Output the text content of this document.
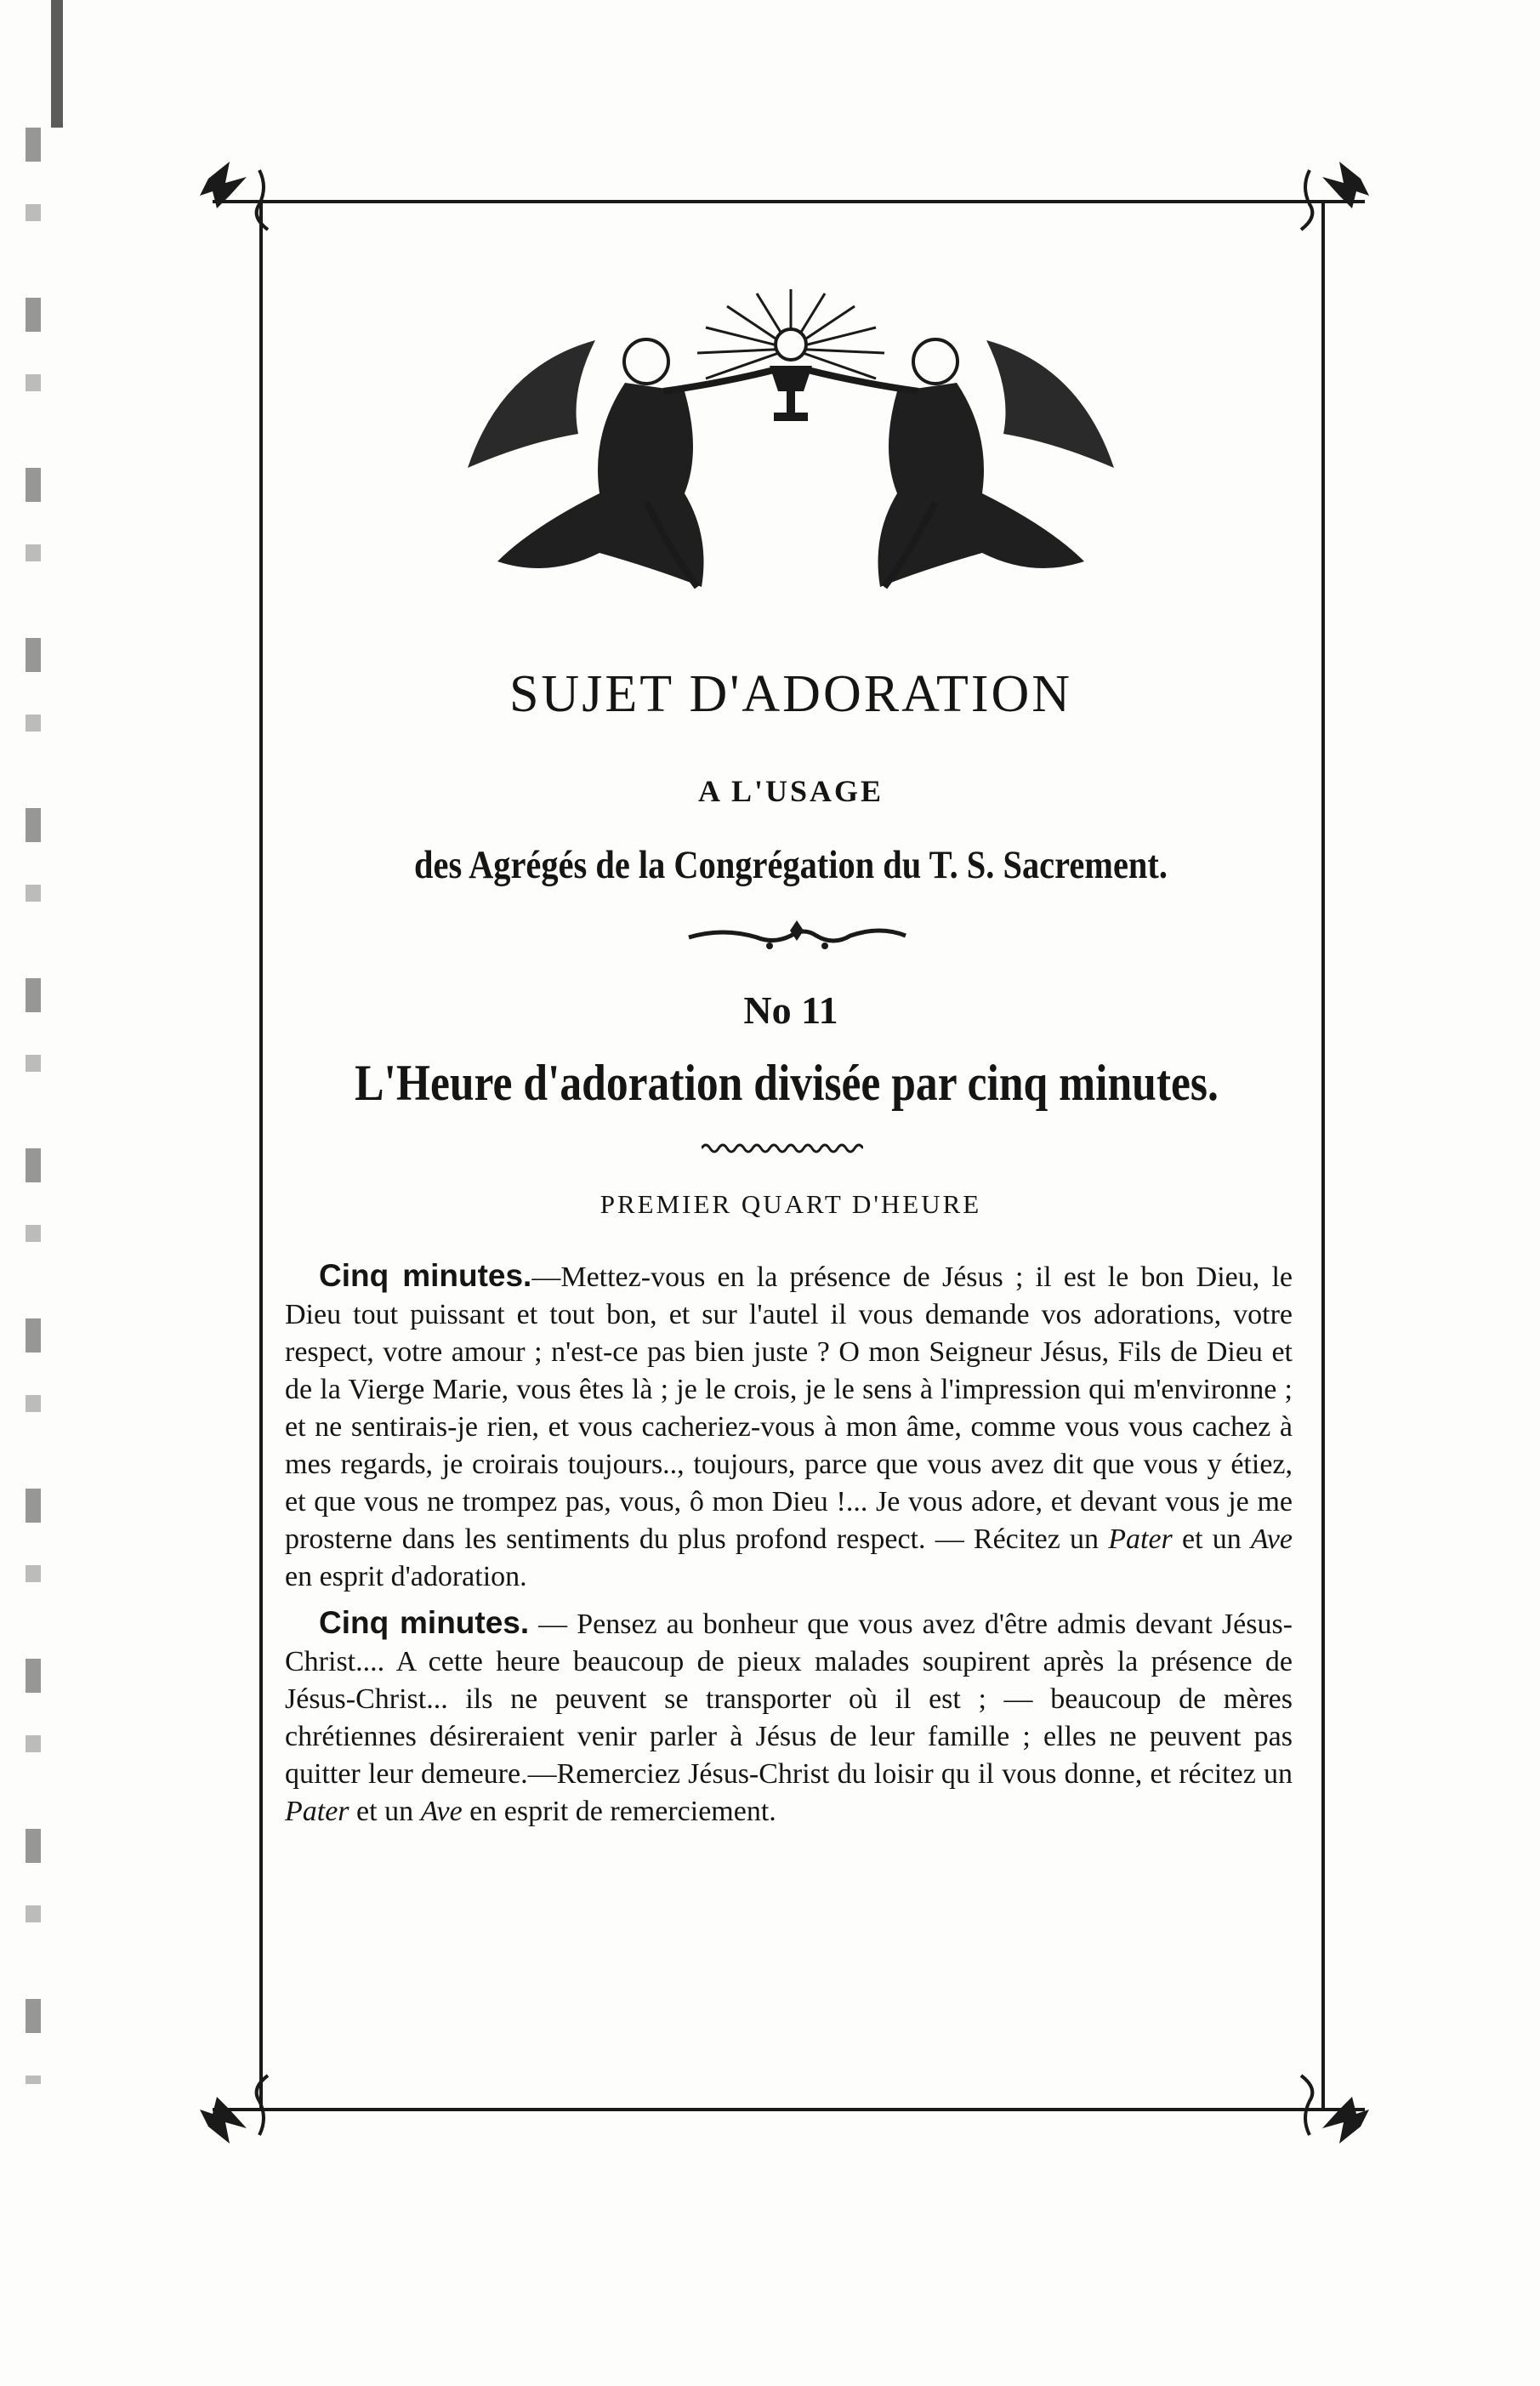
SUJET D'ADORATION
A L'USAGE
des Agrégés de la Congrégation du T. S. Sacrement.
No 11
L'Heure d'adoration divisée par cinq minutes.
PREMIER QUART D'HEURE

Cinq minutes.—Mettez-vous en la présence de Jésus ; il est le bon Dieu, le Dieu tout puissant et tout bon, et sur l'autel il vous demande vos adorations, votre respect, votre amour ; n'est-ce pas bien juste ? O mon Seigneur Jésus, Fils de Dieu et de la Vierge Marie, vous êtes là ; je le crois, je le sens à l'impression qui m'environne ; et ne sentirais-je rien, et vous cacheriez-vous à mon âme, comme vous vous cachez à mes regards, je croirais toujours.., toujours, parce que vous avez dit que vous y étiez, et que vous ne trompez pas, vous, ô mon Dieu !... Je vous adore, et devant vous je me prosterne dans les sentiments du plus profond respect. — Récitez un Pater et un Ave en esprit d'adoration.

Cinq minutes. — Pensez au bonheur que vous avez d'être admis devant Jésus-Christ.... A cette heure beaucoup de pieux malades soupirent après la présence de Jésus-Christ... ils ne peuvent se transporter où il est ; — beaucoup de mères chrétiennes désireraient venir parler à Jésus de leur famille ; elles ne peuvent pas quitter leur demeure.—Remerciez Jésus-Christ du loisir qu il vous donne, et récitez un Pater et un Ave en esprit de remerciement.
